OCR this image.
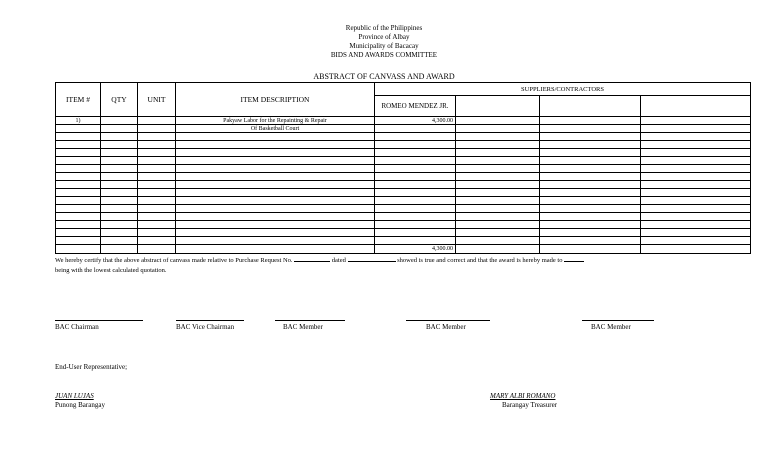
Republic of the Philippines
Province of Albay
Municipality of Bacacay
BIDS AND AWARDS COMMITTEE
ABSTRACT OF CANVASS AND AWARD
ITEM #	QTY	UNIT	ITEM DESCRIPTION	SUPPLIERS/CONTRACTORS			
				ROMEO MENDEZ JR.			
1)			Pakyaw Labor for the Repainting & Repair	4,300.00			
			Of Basketball Court				

				4,300.00			
We hereby certify that the above abstract of canvass made relative to Purchase Request No.	dated	showed is true and correct and that the award is hereby made to
being with the lowest calculated quotation.
BAC Chairman	BAC Vice Chairman	BAC Member	BAC Member	BAC Member
End-User Representative;
JUAN LUJAS
Punong Barangay
MARY ALBI ROMANO
Barangay Treasurer
